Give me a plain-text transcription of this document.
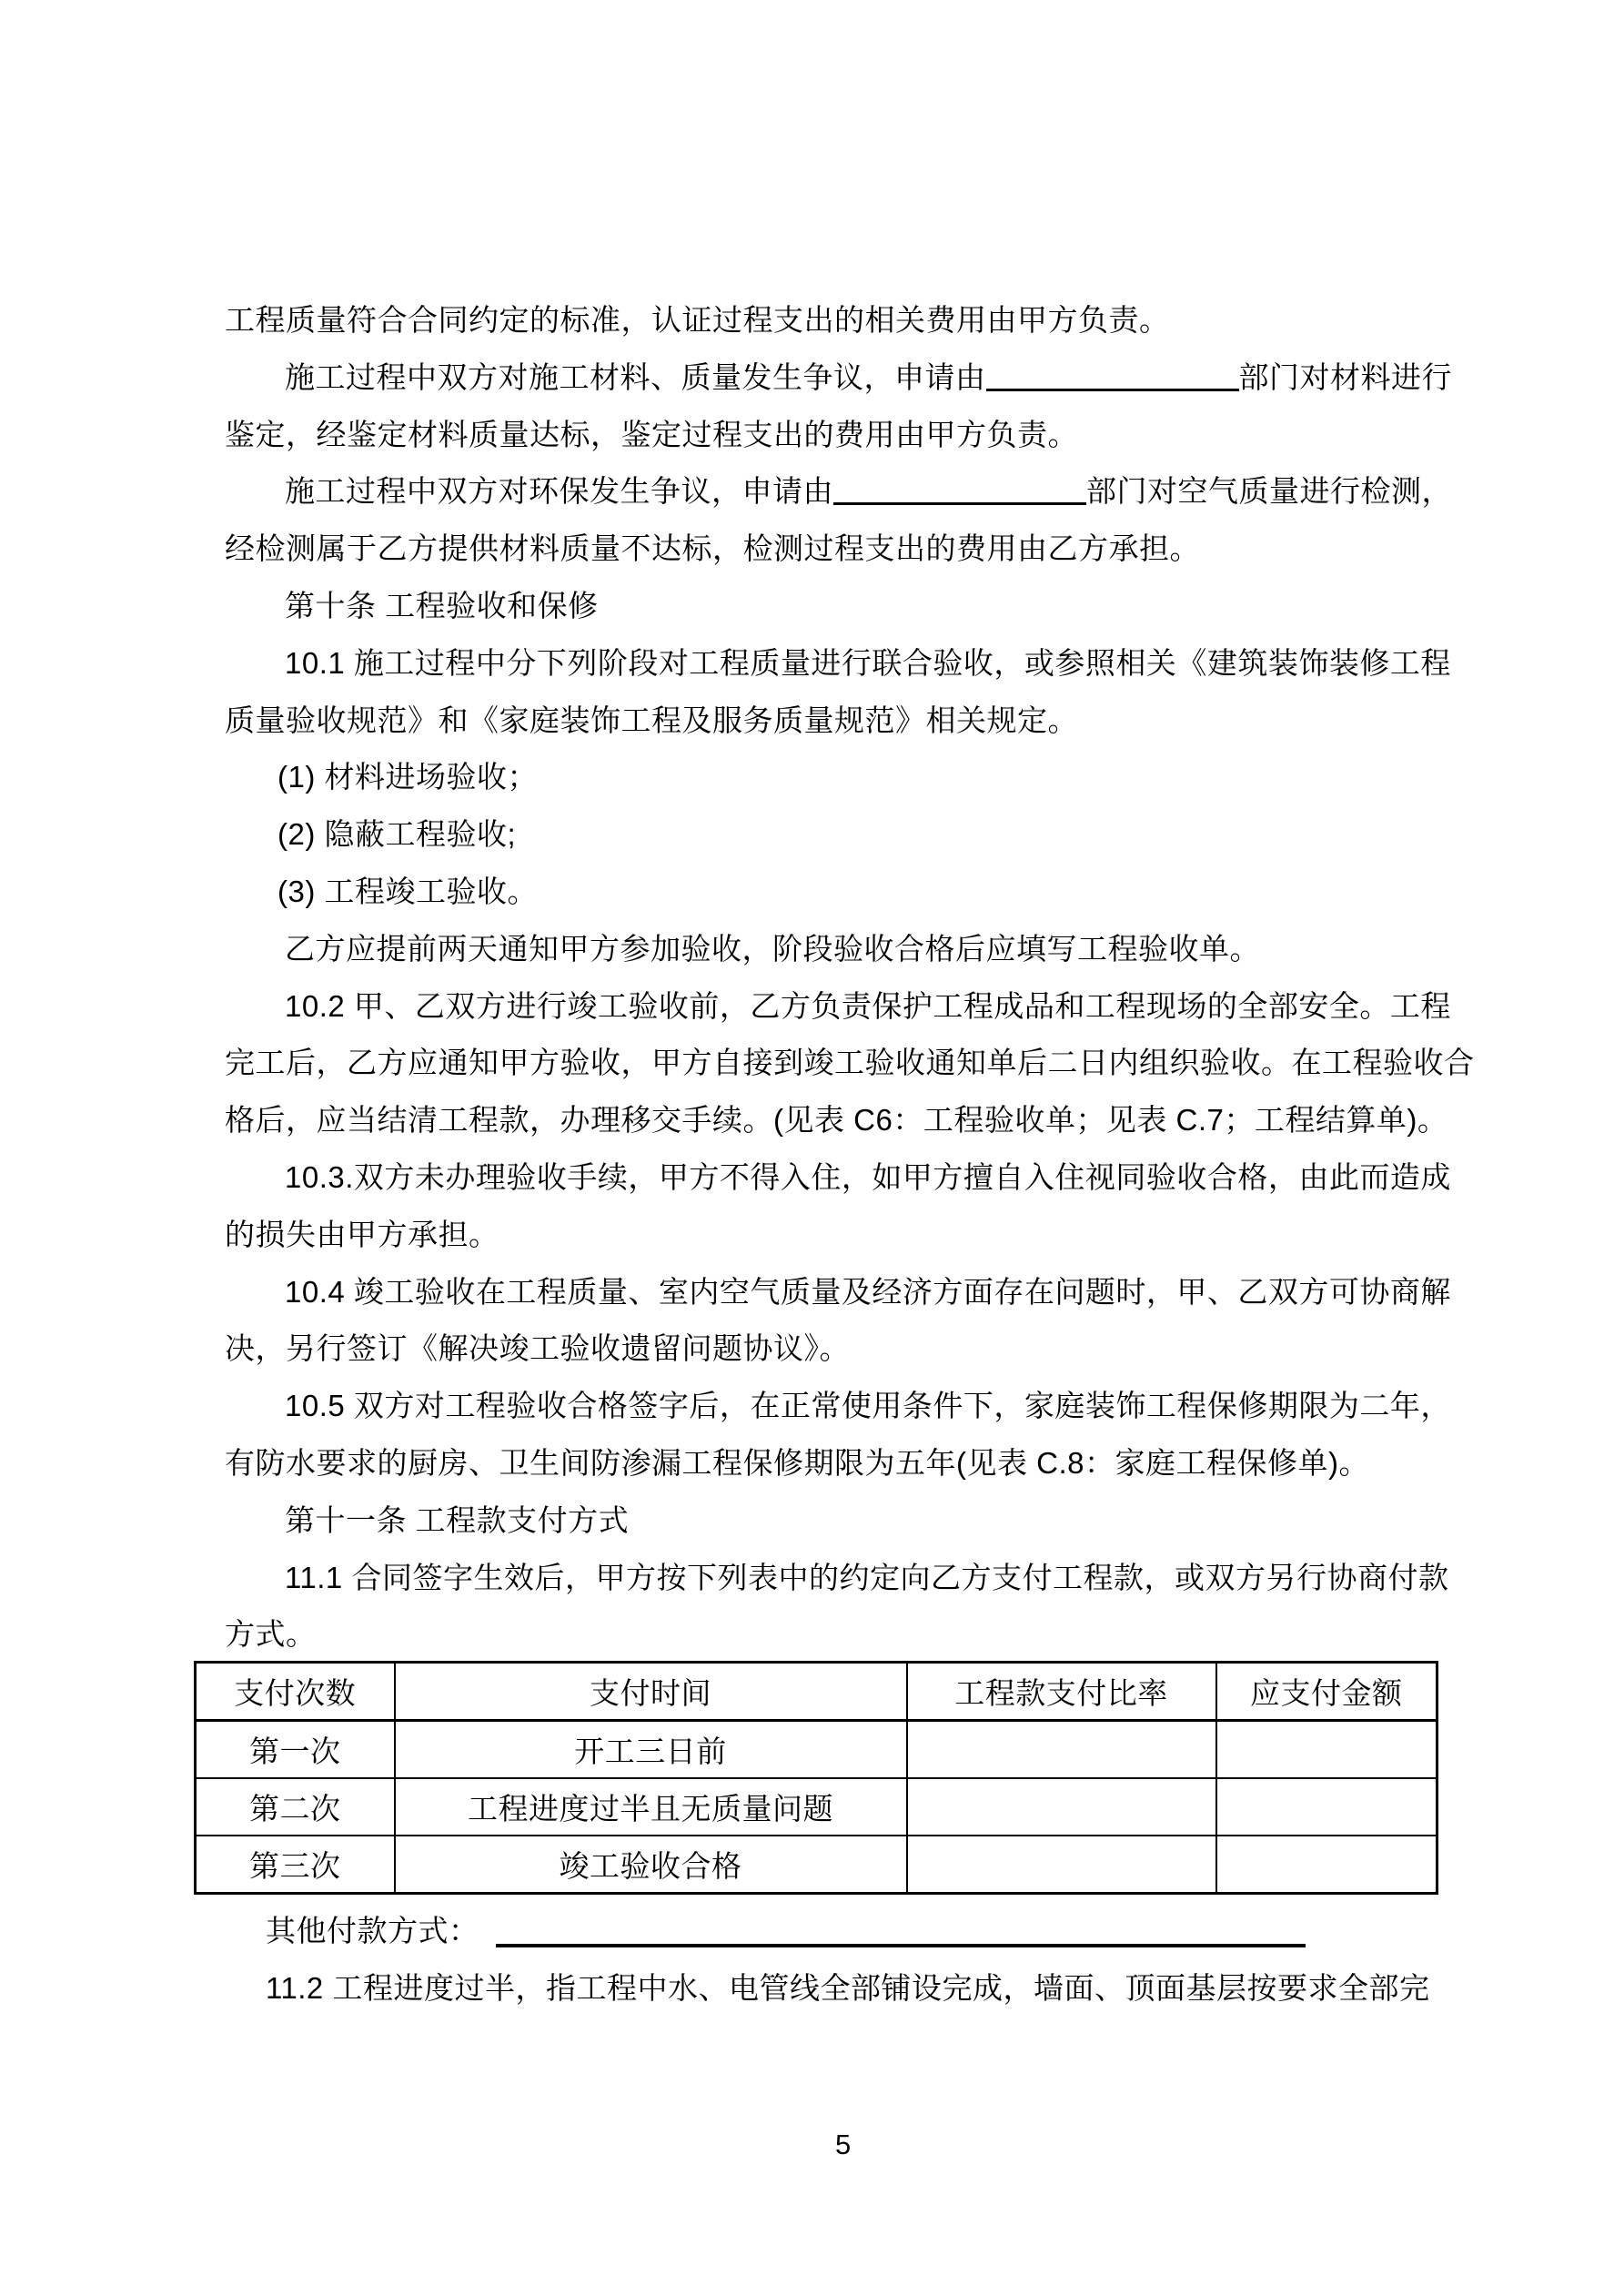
工程质量符合合同约定的标准，认证过程支出的相关费用由甲方负责。
施工过程中双方对施工材料、质量发生争议，申请由	部门对材料进行
鉴定，经鉴定材料质量达标，鉴定过程支出的费用由甲方负责。
施工过程中双方对环保发生争议，申请由	部门对空气质量进行检测，
经检测属于乙方提供材料质量不达标，检测过程支出的费用由乙方承担。
第十条 工程验收和保修
10.1 施工过程中分下列阶段对工程质量进行联合验收，或参照相关《建筑装饰装修工程
质量验收规范》和《家庭装饰工程及服务质量规范》相关规定。
(1) 材料进场验收；
(2) 隐蔽工程验收;
(3) 工程竣工验收。
乙方应提前两天通知甲方参加验收，阶段验收合格后应填写工程验收单。
10.2 甲、乙双方进行竣工验收前，乙方负责保护工程成品和工程现场的全部安全。工程
完工后，乙方应通知甲方验收，甲方自接到竣工验收通知单后二日内组织验收。在工程验收合
格后，应当结清工程款，办理移交手续。(见表 C6：工程验收单；见表 C.7；工程结算单)。
10.3.双方未办理验收手续，甲方不得入住，如甲方擅自入住视同验收合格，由此而造成
的损失由甲方承担。
10.4 竣工验收在工程质量、室内空气质量及经济方面存在问题时，甲、乙双方可协商解
决，另行签订《解决竣工验收遗留问题协议》。
10.5 双方对工程验收合格签字后，在正常使用条件下，家庭装饰工程保修期限为二年，
有防水要求的厨房、卫生间防渗漏工程保修期限为五年(见表 C.8：家庭工程保修单)。
第十一条 工程款支付方式
11.1 合同签字生效后，甲方按下列表中的约定向乙方支付工程款，或双方另行协商付款
方式。
支付次数	支付时间	工程款支付比率	应支付金额
第一次	开工三日前		
第二次	工程进度过半且无质量问题		
第三次	竣工验收合格		
其他付款方式：
11.2 工程进度过半，指工程中水、电管线全部铺设完成，墙面、顶面基层按要求全部完
5
